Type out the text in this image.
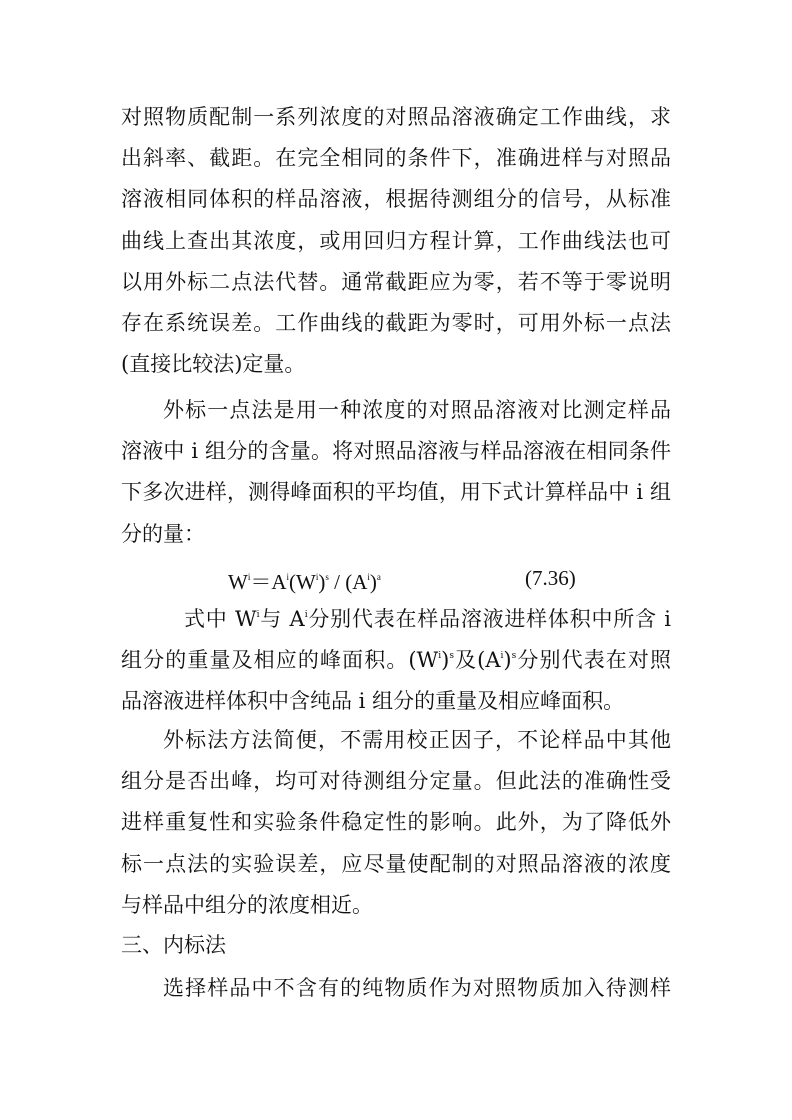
对照物质配制一系列浓度的对照品溶液确定工作曲线，求
出斜率、截距。在完全相同的条件下，准确进样与对照品
溶液相同体积的样品溶液，根据待测组分的信号，从标准
曲线上查出其浓度，或用回归方程计算，工作曲线法也可
以用外标二点法代替。通常截距应为零，若不等于零说明
存在系统误差。工作曲线的截距为零时，可用外标一点法
(直接比较法)定量。
外标一点法是用一种浓度的对照品溶液对比测定样品
溶液中 i 组分的含量。将对照品溶液与样品溶液在相同条件
下多次进样，测得峰面积的平均值，用下式计算样品中 i 组
分的量：
$W^i=A^i(W^i)^s / (A^i)^a$	(7.36)
式中 $W^i$与 $A^i$分别代表在样品溶液进样体积中所含 i
组分的重量及相应的峰面积。$(W^i)^s$及$(A^i)^s$分别代表在对照
品溶液进样体积中含纯品 i 组分的重量及相应峰面积。
外标法方法简便，不需用校正因子，不论样品中其他
组分是否出峰，均可对待测组分定量。但此法的准确性受
进样重复性和实验条件稳定性的影响。此外，为了降低外
标一点法的实验误差，应尽量使配制的对照品溶液的浓度
与样品中组分的浓度相近。
三、内标法
选择样品中不含有的纯物质作为对照物质加入待测样
